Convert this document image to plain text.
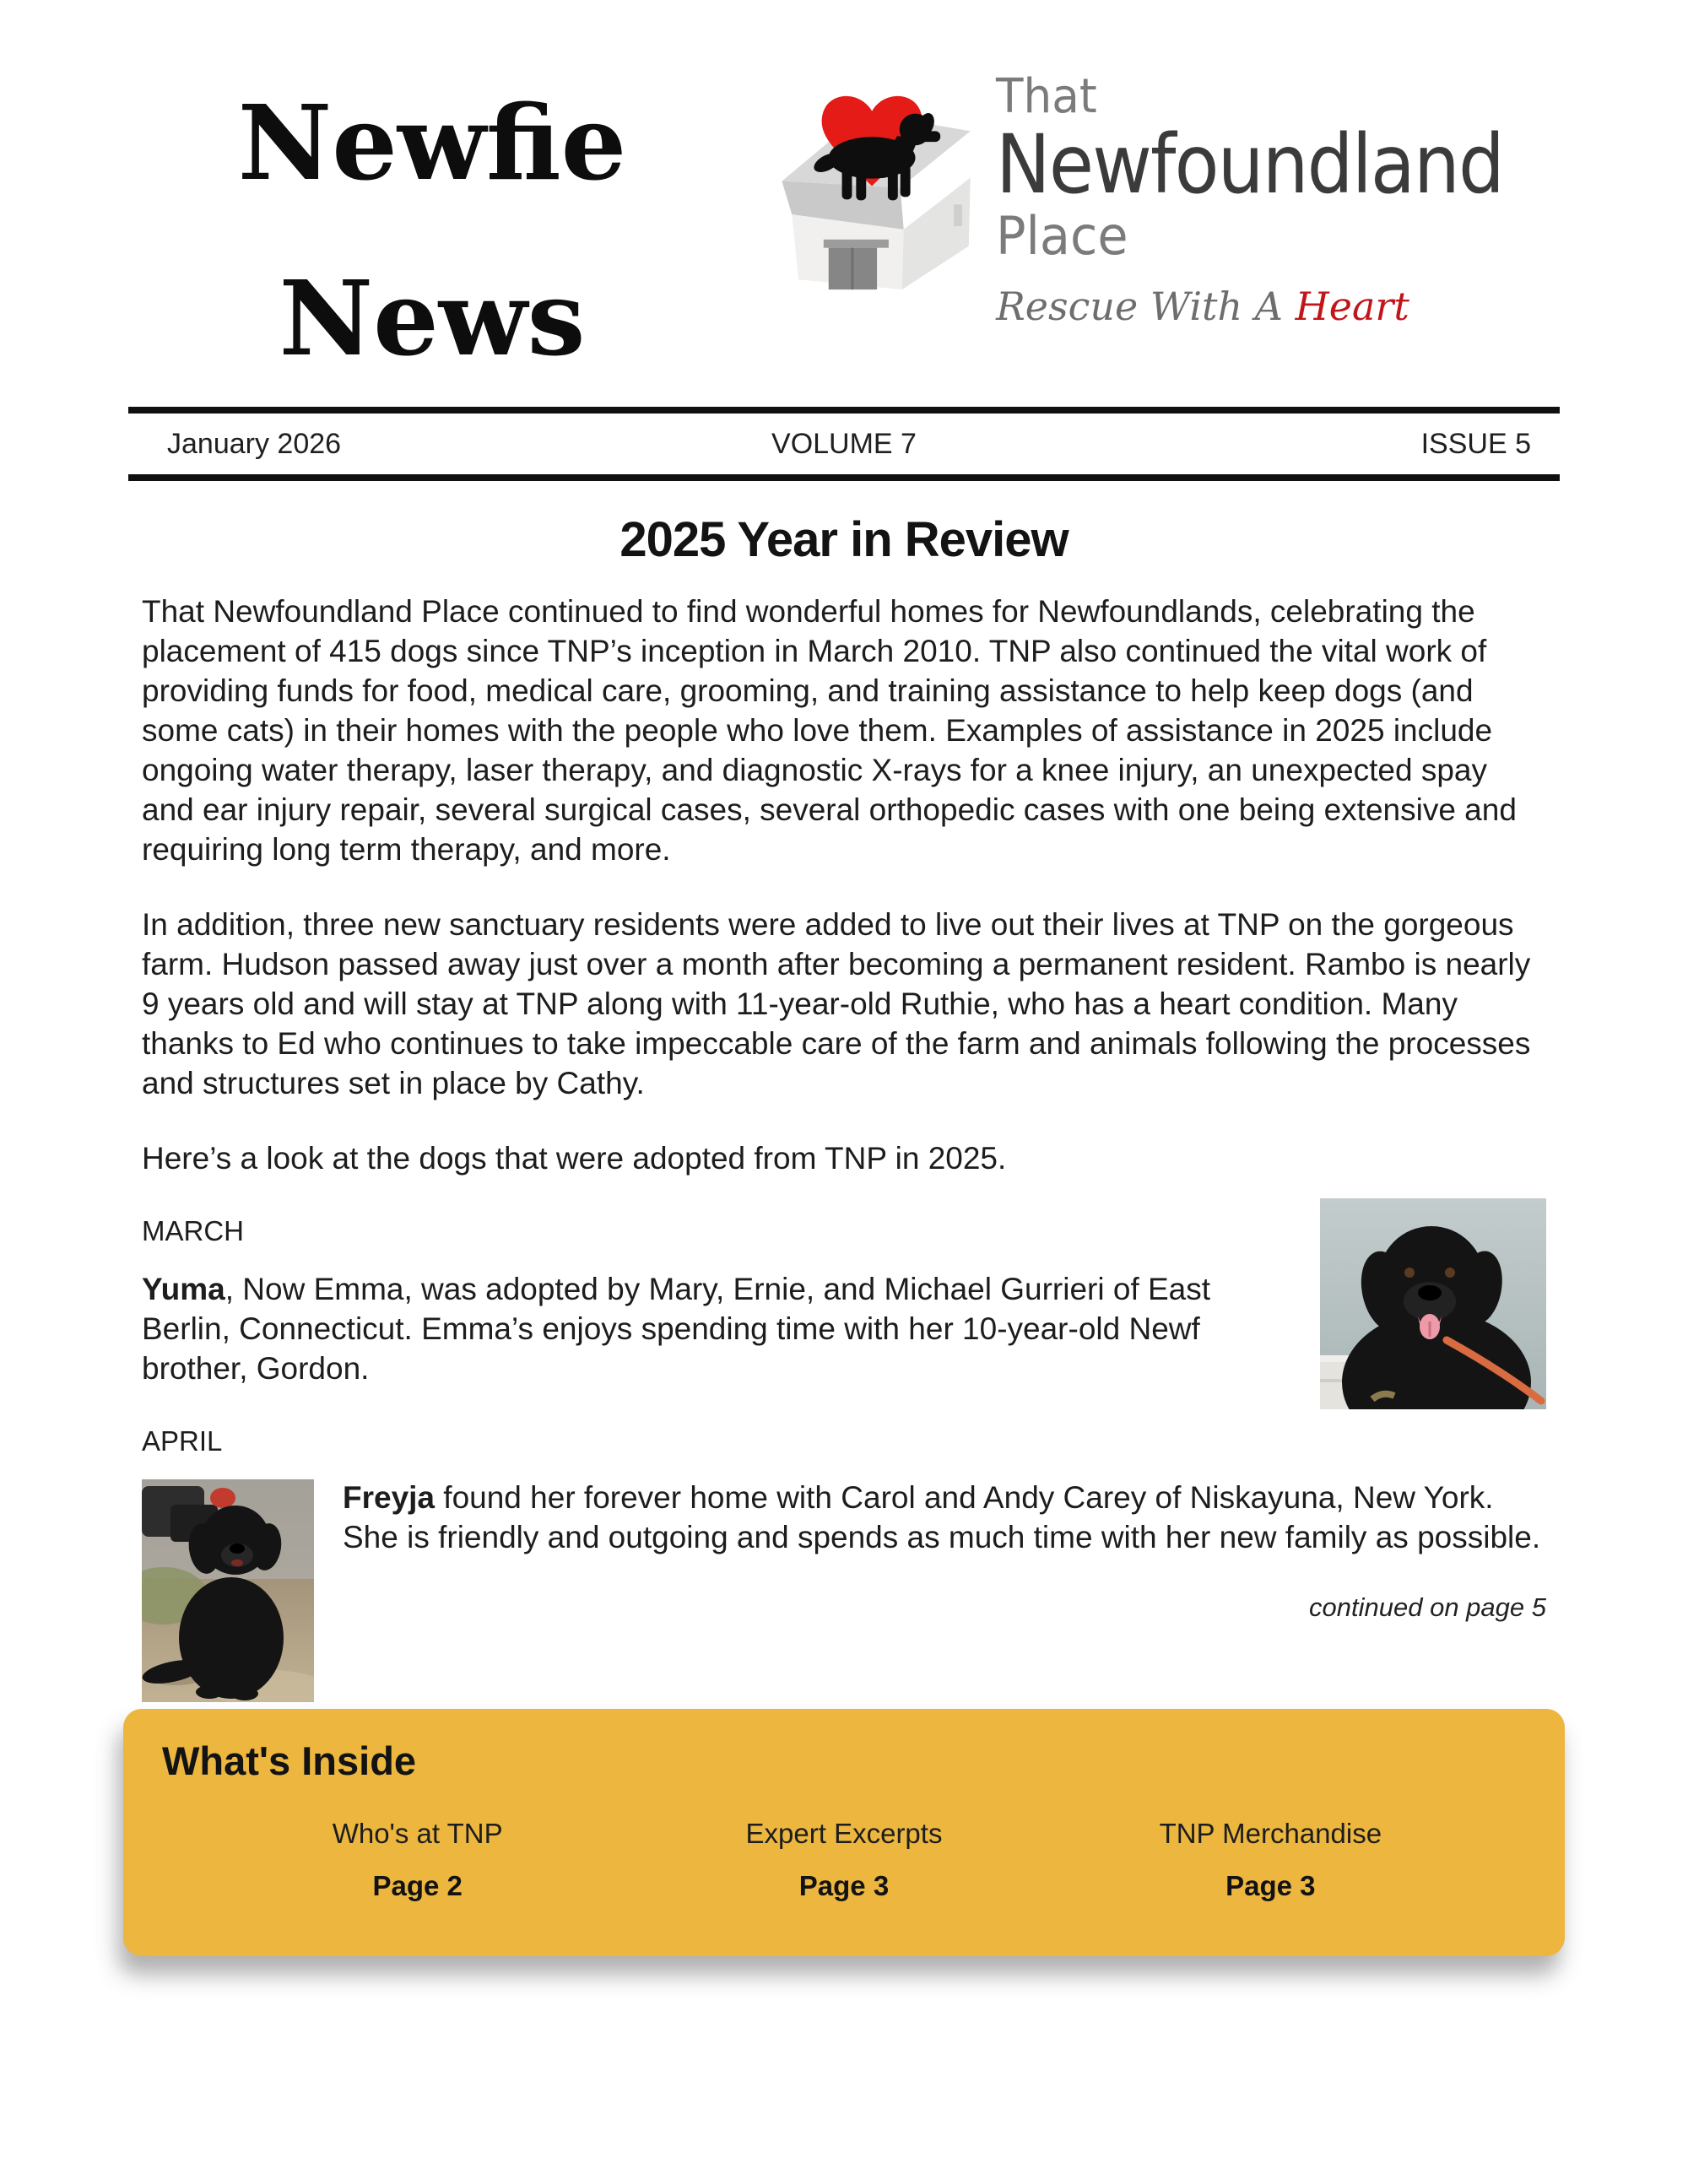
Newfie
News
That
Newfoundland
Place
Rescue With A Heart
January 2026	VOLUME 7	ISSUE 5
2025 Year in Review

That Newfoundland Place continued to find wonderful homes for Newfoundlands, celebrating the placement of 415 dogs since TNP’s inception in March 2010. TNP also continued the vital work of providing funds for food, medical care, grooming, and training assistance to help keep dogs (and some cats) in their homes with the people who love them. Examples of assistance in 2025 include ongoing water therapy, laser therapy, and diagnostic X-rays for a knee injury, an unexpected spay and ear injury repair, several surgical cases, several orthopedic cases with one being extensive and requiring long term therapy, and more.

In addition, three new sanctuary residents were added to live out their lives at TNP on the gorgeous farm. Hudson passed away just over a month after becoming a permanent resident. Rambo is nearly 9 years old and will stay at TNP along with 11-year-old Ruthie, who has a heart condition. Many thanks to Ed who continues to take impeccable care of the farm and animals following the processes and structures set in place by Cathy.

Here’s a look at the dogs that were adopted from TNP in 2025.

MARCH

Yuma, Now Emma, was adopted by Mary, Ernie, and Michael Gurrieri of East Berlin, Connecticut. Emma’s enjoys spending time with her 10-year-old Newf brother, Gordon.

APRIL

Freyja found her forever home with Carol and Andy Carey of Niskayuna, New York. She is friendly and outgoing and spends as much time with her new family as possible.

continued on page 5
What's Inside
Who's at TNP
Page 2
Expert Excerpts
Page 3
TNP Merchandise
Page 3
